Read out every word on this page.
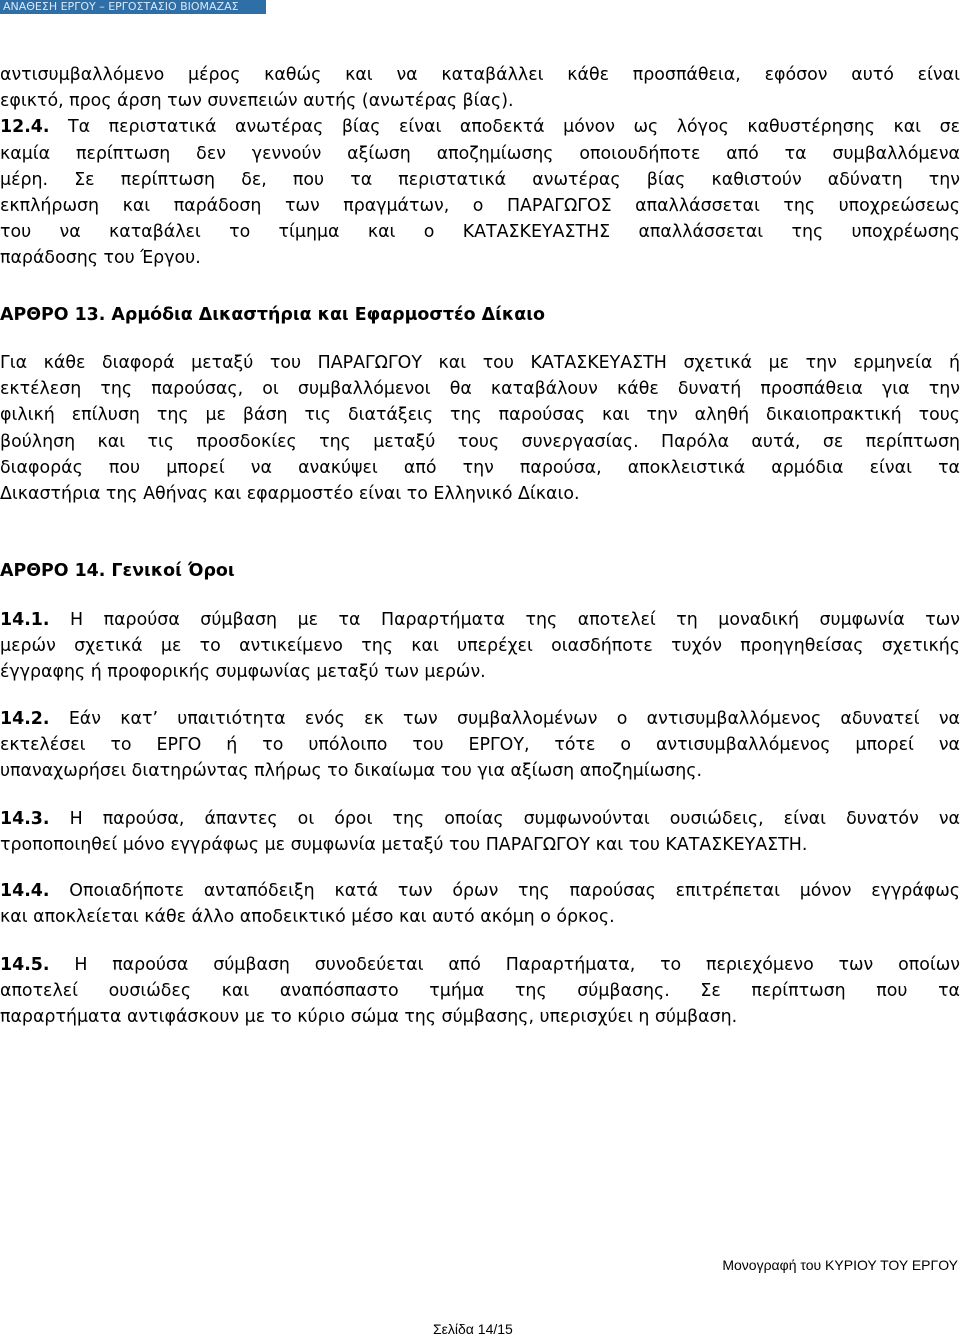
ΑΝΑΘΕΣΗ ΕΡΓΟΥ – ΕΡΓΟΣΤΑΣΙΟ ΒΙΟΜΑΖΑΣ

αντισυμβαλλόμενο μέρος καθώς και να καταβάλλει κάθε προσπάθεια, εφόσον αυτό είναι

εφικτό, προς άρση των συνεπειών αυτής (ανωτέρας βίας).

12.4. Τα περιστατικά ανωτέρας βίας είναι αποδεκτά μόνον ως λόγος καθυστέρησης και σε

καμία περίπτωση δεν γεννούν αξίωση αποζημίωσης οποιουδήποτε από τα συμβαλλόμενα

μέρη. Σε περίπτωση δε, που τα περιστατικά ανωτέρας βίας καθιστούν αδύνατη την

εκπλήρωση και παράδοση των πραγμάτων, ο ΠΑΡΑΓΩΓΟΣ απαλλάσσεται της υποχρεώσεως

του να καταβάλει το τίμημα και ο ΚΑΤΑΣΚΕΥΑΣΤΗΣ απαλλάσσεται της υποχρέωσης

παράδοσης του Έργου.

ΑΡΘΡΟ 13. Αρμόδια Δικαστήρια και Εφαρμοστέο Δίκαιο

Για κάθε διαφορά μεταξύ του ΠΑΡΑΓΩΓΟΥ και του ΚΑΤΑΣΚΕΥΑΣΤΗ σχετικά με την ερμηνεία ή

εκτέλεση της παρούσας, οι συμβαλλόμενοι θα καταβάλουν κάθε δυνατή προσπάθεια για την

φιλική επίλυση της με βάση τις διατάξεις της παρούσας και την αληθή δικαιοπρακτική τους

βούληση και τις προσδοκίες της μεταξύ τους συνεργασίας. Παρόλα αυτά, σε περίπτωση

διαφοράς που μπορεί να ανακύψει από την παρούσα, αποκλειστικά αρμόδια είναι τα

Δικαστήρια της Αθήνας και εφαρμοστέο είναι το Ελληνικό Δίκαιο.

ΑΡΘΡΟ 14. Γενικοί Όροι

14.1. Η παρούσα σύμβαση με τα Παραρτήματα της αποτελεί τη μοναδική συμφωνία των

μερών σχετικά με το αντικείμενο της και υπερέχει οιασδήποτε τυχόν προηγηθείσας σχετικής

έγγραφης ή προφορικής συμφωνίας μεταξύ των μερών.

14.2. Εάν κατ’ υπαιτιότητα ενός εκ των συμβαλλομένων ο αντισυμβαλλόμενος αδυνατεί να

εκτελέσει το ΕΡΓΟ ή το υπόλοιπο του ΕΡΓΟΥ, τότε ο αντισυμβαλλόμενος μπορεί να

υπαναχωρήσει διατηρώντας πλήρως το δικαίωμα του για αξίωση αποζημίωσης.

14.3. Η παρούσα, άπαντες οι όροι της οποίας συμφωνούνται ουσιώδεις, είναι δυνατόν να

τροποποιηθεί μόνο εγγράφως με συμφωνία μεταξύ του ΠΑΡΑΓΩΓΟΥ και του ΚΑΤΑΣΚΕΥΑΣΤΗ.

14.4. Οποιαδήποτε ανταπόδειξη κατά των όρων της παρούσας επιτρέπεται μόνον εγγράφως

και αποκλείεται κάθε άλλο αποδεικτικό μέσο και αυτό ακόμη ο όρκος.

14.5. Η παρούσα σύμβαση συνοδεύεται από Παραρτήματα, το περιεχόμενο των οποίων

αποτελεί ουσιώδες και αναπόσπαστο τμήμα της σύμβασης. Σε περίπτωση που τα

παραρτήματα αντιφάσκουν με το κύριο σώμα της σύμβασης, υπερισχύει η σύμβαση.

Μονογραφή του ΚΥΡΙΟΥ ΤΟΥ ΕΡΓΟΥ
Σελίδα 14/15
